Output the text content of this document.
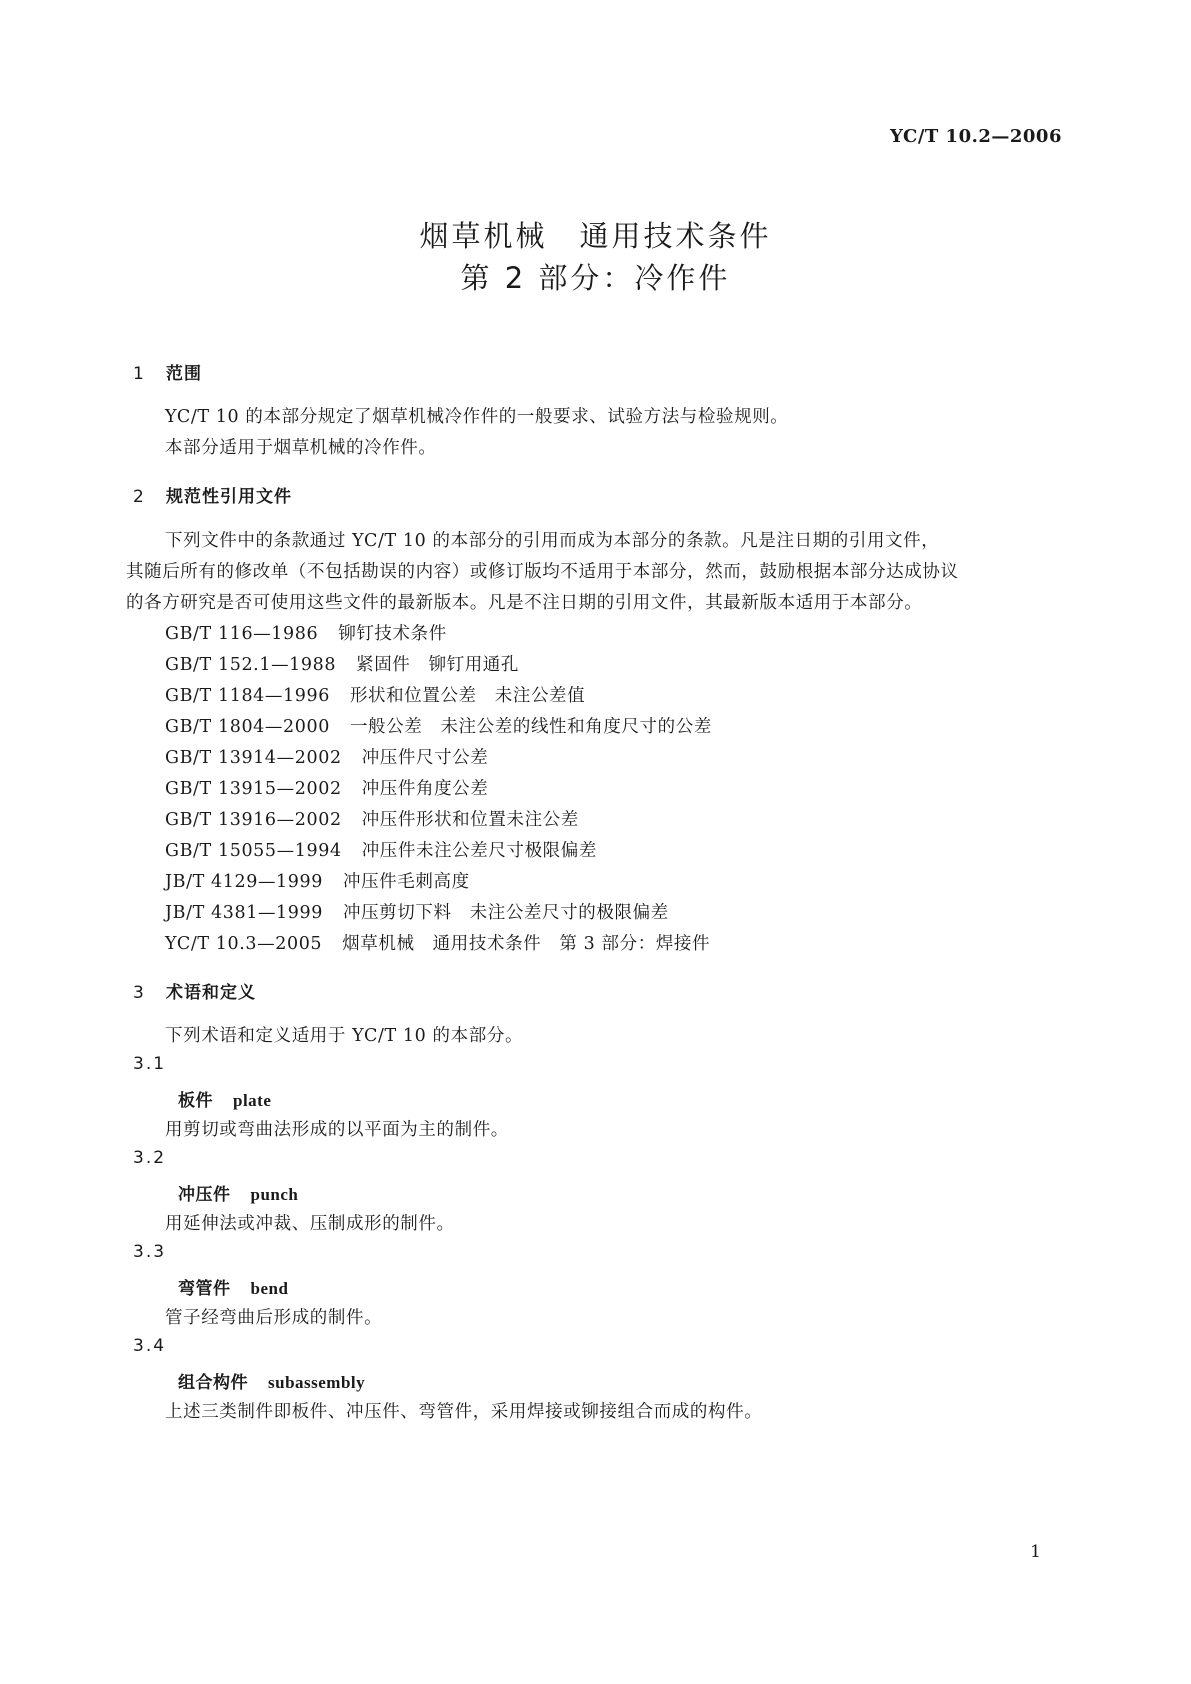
YC/T 10.2—2006
烟草机械　通用技术条件
第 2 部分：冷作件
1 范围
YC/T 10 的本部分规定了烟草机械冷作件的一般要求、试验方法与检验规则。
本部分适用于烟草机械的冷作件。
2 规范性引用文件
下列文件中的条款通过 YC/T 10 的本部分的引用而成为本部分的条款。凡是注日期的引用文件，
其随后所有的修改单（不包括勘误的内容）或修订版均不适用于本部分，然而，鼓励根据本部分达成协议
的各方研究是否可使用这些文件的最新版本。凡是不注日期的引用文件，其最新版本适用于本部分。
GB/T 116—1986 铆钉技术条件
GB/T 152.1—1988 紧固件　铆钉用通孔
GB/T 1184—1996 形状和位置公差　未注公差值
GB/T 1804—2000 一般公差　未注公差的线性和角度尺寸的公差
GB/T 13914—2002 冲压件尺寸公差
GB/T 13915—2002 冲压件角度公差
GB/T 13916—2002 冲压件形状和位置未注公差
GB/T 15055—1994 冲压件未注公差尺寸极限偏差
JB/T 4129—1999 冲压件毛刺高度
JB/T 4381—1999 冲压剪切下料　未注公差尺寸的极限偏差
YC/T 10.3—2005 烟草机械　通用技术条件　第 3 部分：焊接件
3 术语和定义
下列术语和定义适用于 YC/T 10 的本部分。
3.1
板件 plate
用剪切或弯曲法形成的以平面为主的制件。
3.2
冲压件 punch
用延伸法或冲裁、压制成形的制件。
3.3
弯管件 bend
管子经弯曲后形成的制件。
3.4
组合构件 subassembly
上述三类制件即板件、冲压件、弯管件，采用焊接或铆接组合而成的构件。
1
